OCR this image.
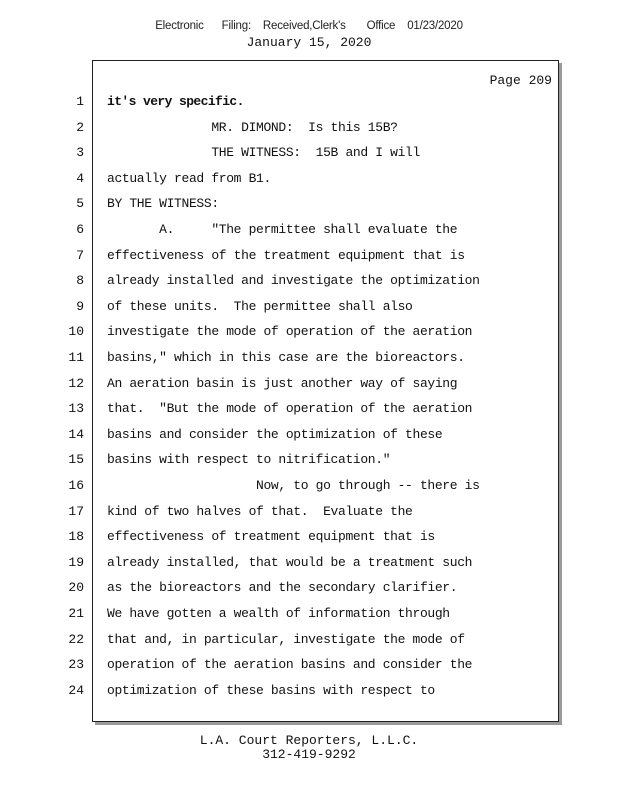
Electronic      Filing:    Received,Clerk's       Office    01/23/2020
January 15, 2020
Page 209
1 it's very specific.
2 MR. DIMOND:  Is this 15B?
3 THE WITNESS:  15B and I will
4 actually read from B1.
5 BY THE WITNESS:
6 A.     "The permittee shall evaluate the
7 effectiveness of the treatment equipment that is
8 already installed and investigate the optimization
9 of these units.  The permittee shall also
10 investigate the mode of operation of the aeration
11 basins," which in this case are the bioreactors.
12 An aeration basin is just another way of saying
13 that.  "But the mode of operation of the aeration
14 basins and consider the optimization of these
15 basins with respect to nitrification."
16 Now, to go through -- there is
17 kind of two halves of that.  Evaluate the
18 effectiveness of treatment equipment that is
19 already installed, that would be a treatment such
20 as the bioreactors and the secondary clarifier.
21 We have gotten a wealth of information through
22 that and, in particular, investigate the mode of
23 operation of the aeration basins and consider the
24 optimization of these basins with respect to
L.A. Court Reporters, L.L.C.
312-419-9292
